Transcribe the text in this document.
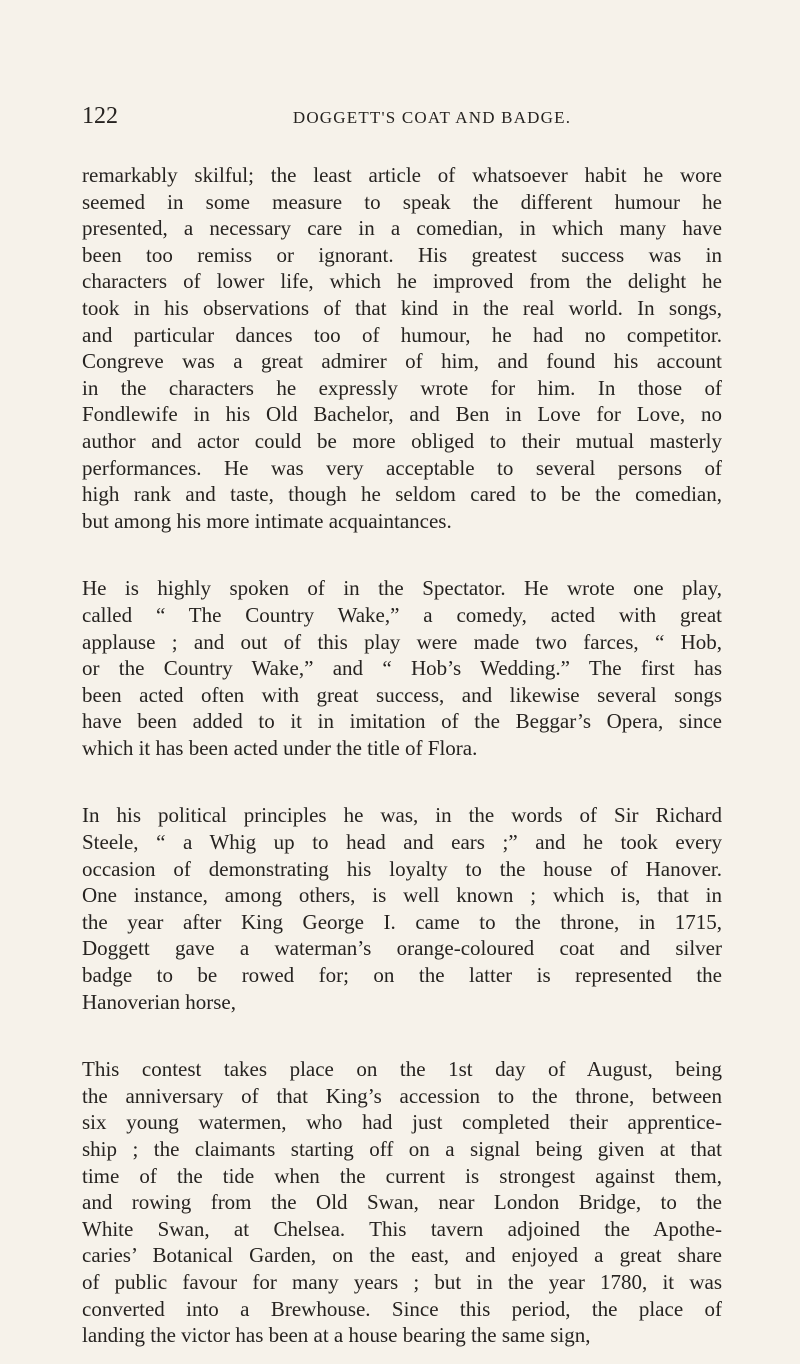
122	DOGGETT'S COAT AND BADGE.
remarkably skilful; the least article of whatsoever habit he wore
seemed in some measure to speak the different humour he
presented, a necessary care in a comedian, in which many have
been too remiss or ignorant. His greatest success was in
characters of lower life, which he improved from the delight he
took in his observations of that kind in the real world. In songs,
and particular dances too of humour, he had no competitor.
Congreve was a great admirer of him, and found his account
in the characters he expressly wrote for him. In those of
Fondlewife in his Old Bachelor, and Ben in Love for Love, no
author and actor could be more obliged to their mutual masterly
performances. He was very acceptable to several persons of
high rank and taste, though he seldom cared to be the comedian,
but among his more intimate acquaintances.
He is highly spoken of in the Spectator. He wrote one play,
called “ The Country Wake,” a comedy, acted with great
applause ; and out of this play were made two farces, “ Hob,
or the Country Wake,” and “ Hob’s Wedding.” The first has
been acted often with great success, and likewise several songs
have been added to it in imitation of the Beggar’s Opera, since
which it has been acted under the title of Flora.
In his political principles he was, in the words of Sir Richard
Steele, “ a Whig up to head and ears ;” and he took every
occasion of demonstrating his loyalty to the house of Hanover.
One instance, among others, is well known ; which is, that in
the year after King George I. came to the throne, in 1715,
Doggett gave a waterman’s orange-coloured coat and silver
badge to be rowed for; on the latter is represented the
Hanoverian horse,
This contest takes place on the 1st day of August, being
the anniversary of that King’s accession to the throne, between
six young watermen, who had just completed their apprentice-
ship ; the claimants starting off on a signal being given at that
time of the tide when the current is strongest against them,
and rowing from the Old Swan, near London Bridge, to the
White Swan, at Chelsea. This tavern adjoined the Apothe-
caries’ Botanical Garden, on the east, and enjoyed a great share
of public favour for many years ; but in the year 1780, it was
converted into a Brewhouse. Since this period, the place of
landing the victor has been at a house bearing the same sign,
